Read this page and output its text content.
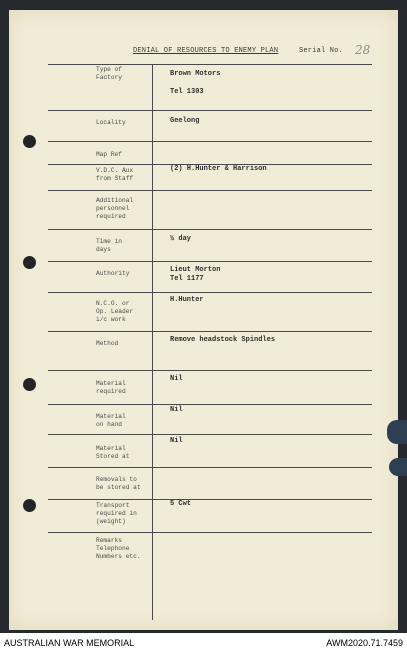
DENIAL OF RESOURCES TO ENEMY PLAN	Serial No. 28
Type of
Factory
Locality
Map Ref
V.D.C. Aux
from Staff
Additional
personnel
required
Time in
days
Authority
N.C.O. or
Op. Leader
i/c work
Method
Material
required
Material
on hand
Material
Stored at
Removals to
be stored at
Transport
required in
(weight)
Remarks
Telephone
Numbers etc.
Brown Motors

Tel 1303
Geelong
(2) H.Hunter & Harrison
½ day
Lieut Morton
Tel 1177
H.Hunter
Remove headstock Spindles
Nil
Nil
Nil
5 Cwt
AUSTRALIAN WAR MEMORIAL	AWM2020.71.7459
